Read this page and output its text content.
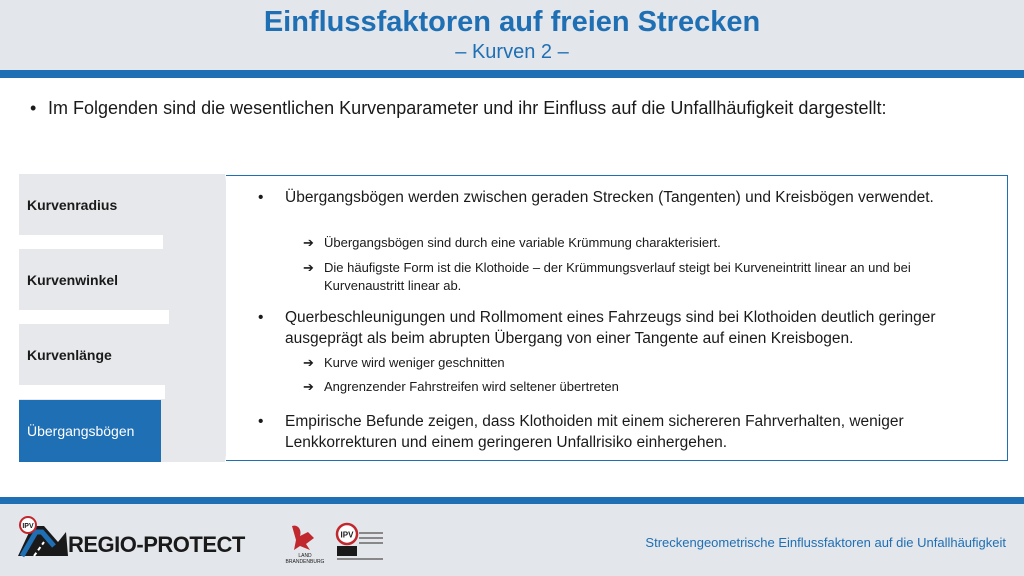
Einflussfaktoren auf freien Strecken
– Kurven 2 –
• Im Folgenden sind die wesentlichen Kurvenparameter und ihr Einfluss auf die Unfallhäufigkeit dargestellt:
Kurvenradius
Kurvenwinkel
Kurvenlänge
Übergangsbögen
•	Übergangsbögen werden zwischen geraden Strecken (Tangenten) und Kreisbögen verwendet.
➔ Übergangsbögen sind durch eine variable Krümmung charakterisiert.
➔ Die häufigste Form ist die Klothoide – der Krümmungsverlauf steigt bei Kurveneintritt linear an und bei Kurvenaustritt linear ab.
•	Querbeschleunigungen und Rollmoment eines Fahrzeugs sind bei Klothoiden deutlich geringer ausgeprägt als beim abrupten Übergang von einer Tangente auf einen Kreisbogen.
➔ Kurve wird weniger geschnitten
➔ Angrenzender Fahrstreifen wird seltener übertreten
•	Empirische Befunde zeigen, dass Klothoiden mit einem sichereren Fahrverhalten, weniger Lenkkorrekturen und einem geringeren Unfallrisiko einhergehen.
IPV
REGIO-PROTECT	LAND
BRANDENBURG
IPV	Streckengeometrische Einflussfaktoren auf die Unfallhäufigkeit
